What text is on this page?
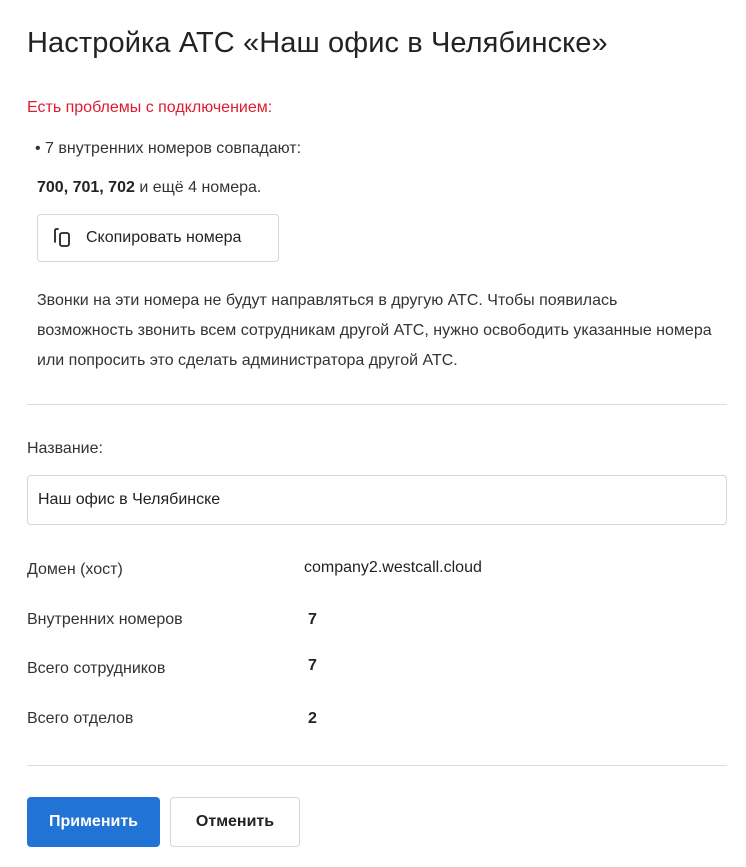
Настройка АТС «Наш офис в Челябинске»
Есть проблемы с подключением:
• 7 внутренних номеров совпадают:
700, 701, 702 и ещё 4 номера.
Скопировать номера
Звонки на эти номера не будут направляться в другую АТС. Чтобы появилась возможность звонить всем сотрудникам другой АТС, нужно освободить указанные номера или попросить это сделать администратора другой АТС.
Название:
Наш офис в Челябинске
Домен (хост)	company2.westcall.cloud
Внутренних номеров	7
Всего сотрудников	7
Всего отделов	2
Применить	Отменить
